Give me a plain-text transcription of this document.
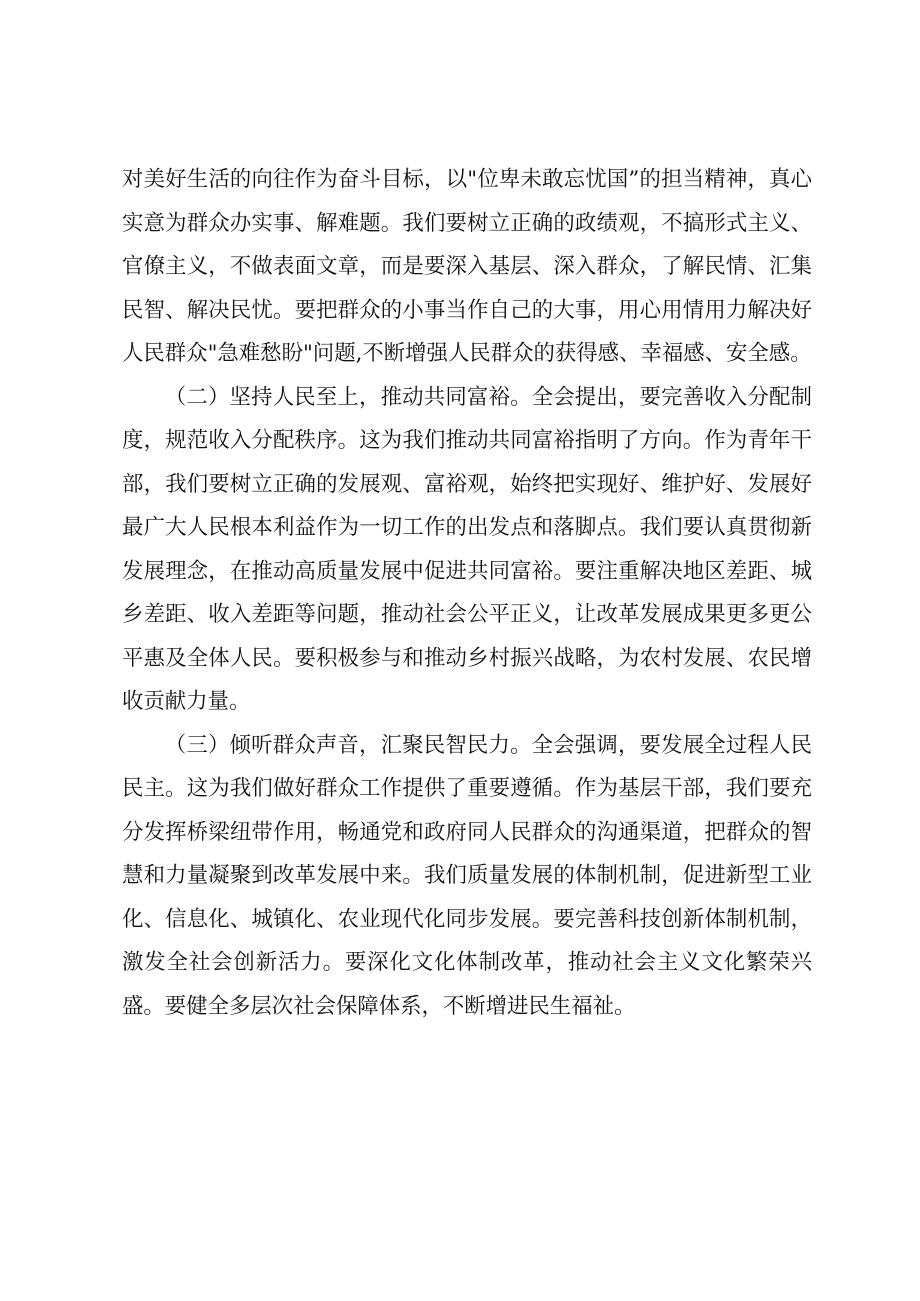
对美好生活的向往作为奋斗目标，以"位卑未敢忘忧国”的担当精神，真心实意为群众办实事、解难题。我们要树立正确的政绩观，不搞形式主义、官僚主义，不做表面文章，而是要深入基层、深入群众，了解民情、汇集民智、解决民忧。要把群众的小事当作自己的大事，用心用情用力解决好人民群众"急难愁盼"问题,不断增强人民群众的获得感、幸福感、安全感。

（二）坚持人民至上，推动共同富裕。全会提出，要完善收入分配制度，规范收入分配秩序。这为我们推动共同富裕指明了方向。作为青年干部，我们要树立正确的发展观、富裕观，始终把实现好、维护好、发展好最广大人民根本利益作为一切工作的出发点和落脚点。我们要认真贯彻新发展理念，在推动高质量发展中促进共同富裕。要注重解决地区差距、城乡差距、收入差距等问题，推动社会公平正义，让改革发展成果更多更公平惠及全体人民。要积极参与和推动乡村振兴战略，为农村发展、农民增收贡献力量。

（三）倾听群众声音，汇聚民智民力。全会强调，要发展全过程人民民主。这为我们做好群众工作提供了重要遵循。作为基层干部，我们要充分发挥桥梁纽带作用，畅通党和政府同人民群众的沟通渠道，把群众的智慧和力量凝聚到改革发展中来。我们质量发展的体制机制，促进新型工业化、信息化、城镇化、农业现代化同步发展。要完善科技创新体制机制，激发全社会创新活力。要深化文化体制改革，推动社会主义文化繁荣兴盛。要健全多层次社会保障体系，不断增进民生福祉。
